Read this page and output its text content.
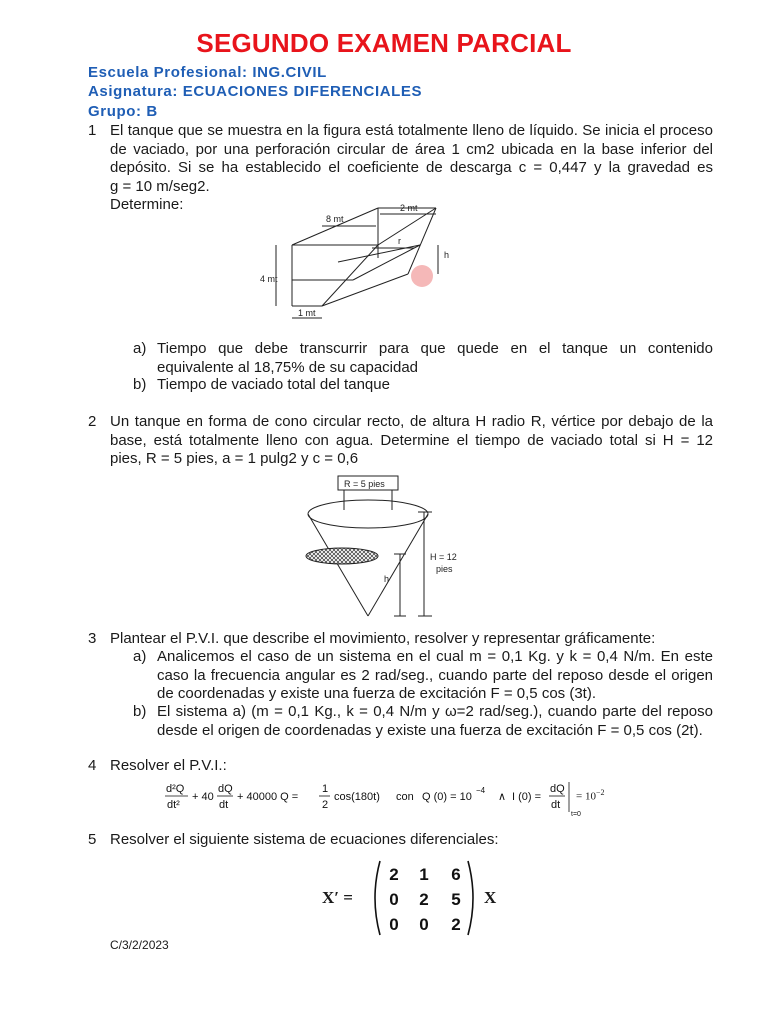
SEGUNDO EXAMEN PARCIAL
Escuela Profesional: ING.CIVIL
Asignatura: ECUACIONES DIFERENCIALES
Grupo: B
1 El tanque que se muestra en la figura está totalmente lleno de líquido. Se inicia el proceso
de vaciado, por una perforación circular de área 1 cm2 ubicada en la base inferior del
depósito. Si se ha establecido el coeficiente de descarga c = 0,447 y la gravedad es
g = 10 m/seg2.
Determine:
8 mt
2 mt
4 mt
1 mt
r
h
a) Tiempo que debe transcurrir para que quede en el tanque un contenido
equivalente al 18,75% de su capacidad
b) Tiempo de vaciado total del tanque
2 Un tanque en forma de cono circular recto, de altura H radio R, vértice por debajo de la
base, está totalmente lleno con agua. Determine el tiempo de vaciado total si H = 12
pies, R = 5 pies, a = 1 pulg2 y c = 0,6
R = 5 pies
H = 12
pies
h
3 Plantear el P.V.I. que describe el movimiento, resolver y representar gráficamente:
a) Analicemos el caso de un sistema en el cual m = 0,1 Kg. y k = 0,4 N/m. En este
caso la frecuencia angular es 2 rad/seg., cuando parte del reposo desde el origen
de coordenadas y existe una fuerza de excitación F = 0,5 cos (3t).
b) El sistema a) (m = 0,1 Kg., k = 0,4 N/m y ω=2 rad/seg.), cuando parte del reposo
desde el origen de coordenadas y existe una fuerza de excitación F = 0,5 cos (2t).
4 Resolver el P.V.I.:
d²Q
dt²
+ 40
dQ
dt
+ 40000 Q =
1
2
cos(180t) con Q (0) = 10
−4
∧ I (0) =
dQ
dt
t=0
= $10^{-2}$
5 Resolver el siguiente sistema de ecuaciones diferenciales:
X′ =
2 1 6
0 2 5
0 0 2
X
C/3/2/2023
